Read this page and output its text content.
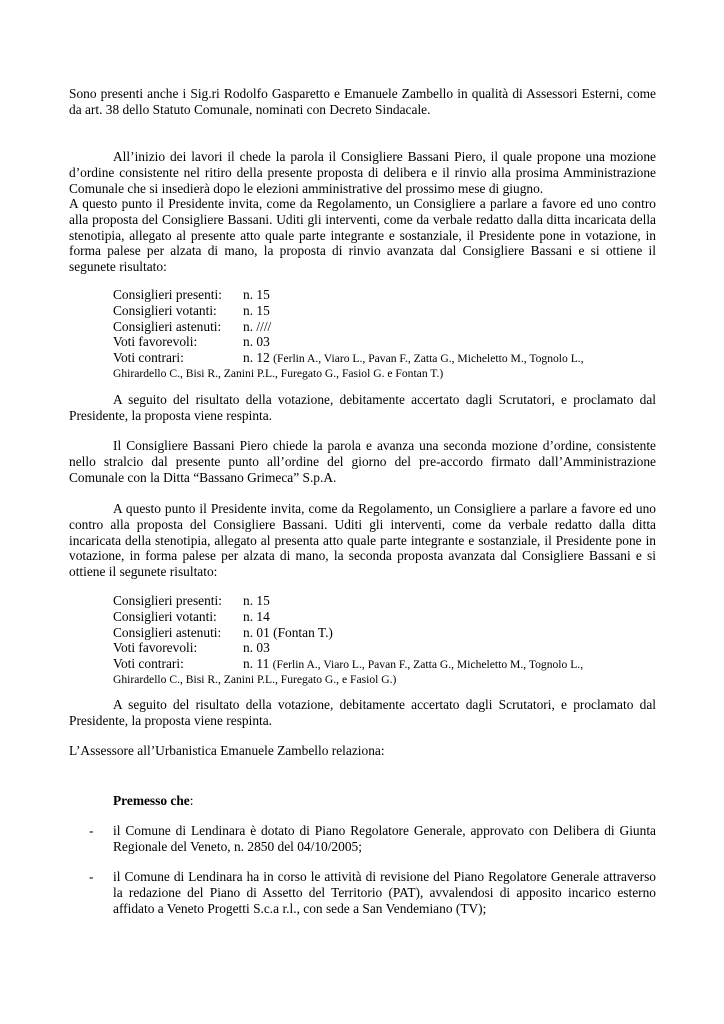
Sono presenti anche i Sig.ri Rodolfo Gasparetto e Emanuele Zambello in qualità di Assessori Esterni, come da art. 38 dello Statuto Comunale, nominati con Decreto Sindacale.

All’inizio dei lavori il chede la parola il Consigliere Bassani Piero, il quale propone una mozione d’ordine consistente nel ritiro della presente proposta di delibera e il rinvio alla prosima Amministrazione Comunale che si insedierà dopo le elezioni amministrative del prossimo mese di giugno.

A questo punto il Presidente invita, come da Regolamento, un Consigliere a parlare a favore ed uno contro alla proposta del Consigliere Bassani. Uditi gli interventi, come da verbale redatto dalla ditta incaricata della stenotipia, allegato al presente atto quale parte integrante e sostanziale, il Presidente pone in votazione, in forma palese per alzata di mano, la proposta di rinvio avanzata dal Consigliere Bassani e si ottiene il segunete risultato:

Consiglieri presenti:	n. 15
Consiglieri votanti:	n. 15
Consiglieri astenuti:	n. ////
Voti favorevoli:	n. 03
Voti contrari:	n. 12 (Ferlin A., Viaro L., Pavan F., Zatta G., Micheletto M., Tognolo L.,
Ghirardello C., Bisi R., Zanini P.L., Furegato G., Fasiol G. e Fontan T.)

A seguito del risultato della votazione, debitamente accertato dagli Scrutatori, e proclamato dal Presidente, la proposta viene respinta.

Il Consigliere Bassani Piero chiede la parola e avanza una seconda mozione d’ordine, consistente nello stralcio dal presente punto all’ordine del giorno del pre-accordo firmato dall’Amministrazione Comunale con la Ditta “Bassano Grimeca” S.p.A.

A questo punto il Presidente invita, come da Regolamento, un Consigliere a parlare a favore ed uno contro alla proposta del Consigliere Bassani. Uditi gli interventi, come da verbale redatto dalla ditta incaricata della stenotipia, allegato al presenta atto quale parte integrante e sostanziale, il Presidente pone in votazione, in forma palese per alzata di mano, la seconda proposta avanzata dal Consigliere Bassani e si ottiene il segunete risultato:

Consiglieri presenti:	n. 15
Consiglieri votanti:	n. 14
Consiglieri astenuti:	n. 01 (Fontan T.)
Voti favorevoli:	n. 03
Voti contrari:	n. 11 (Ferlin A., Viaro L., Pavan F., Zatta G., Micheletto M., Tognolo L.,
Ghirardello C., Bisi R., Zanini P.L., Furegato G., e Fasiol G.)

A seguito del risultato della votazione, debitamente accertato dagli Scrutatori, e proclamato dal Presidente, la proposta viene respinta.

L’Assessore all’Urbanistica Emanuele Zambello relaziona:

Premesso che:
-	il Comune di Lendinara è dotato di Piano Regolatore Generale, approvato con Delibera di Giunta Regionale del Veneto, n. 2850 del 04/10/2005;
-	il Comune di Lendinara ha in corso le attività di revisione del Piano Regolatore Generale attraverso la redazione del Piano di Assetto del Territorio (PAT), avvalendosi di apposito incarico esterno affidato a Veneto Progetti S.c.a r.l., con sede a San Vendemiano (TV);
